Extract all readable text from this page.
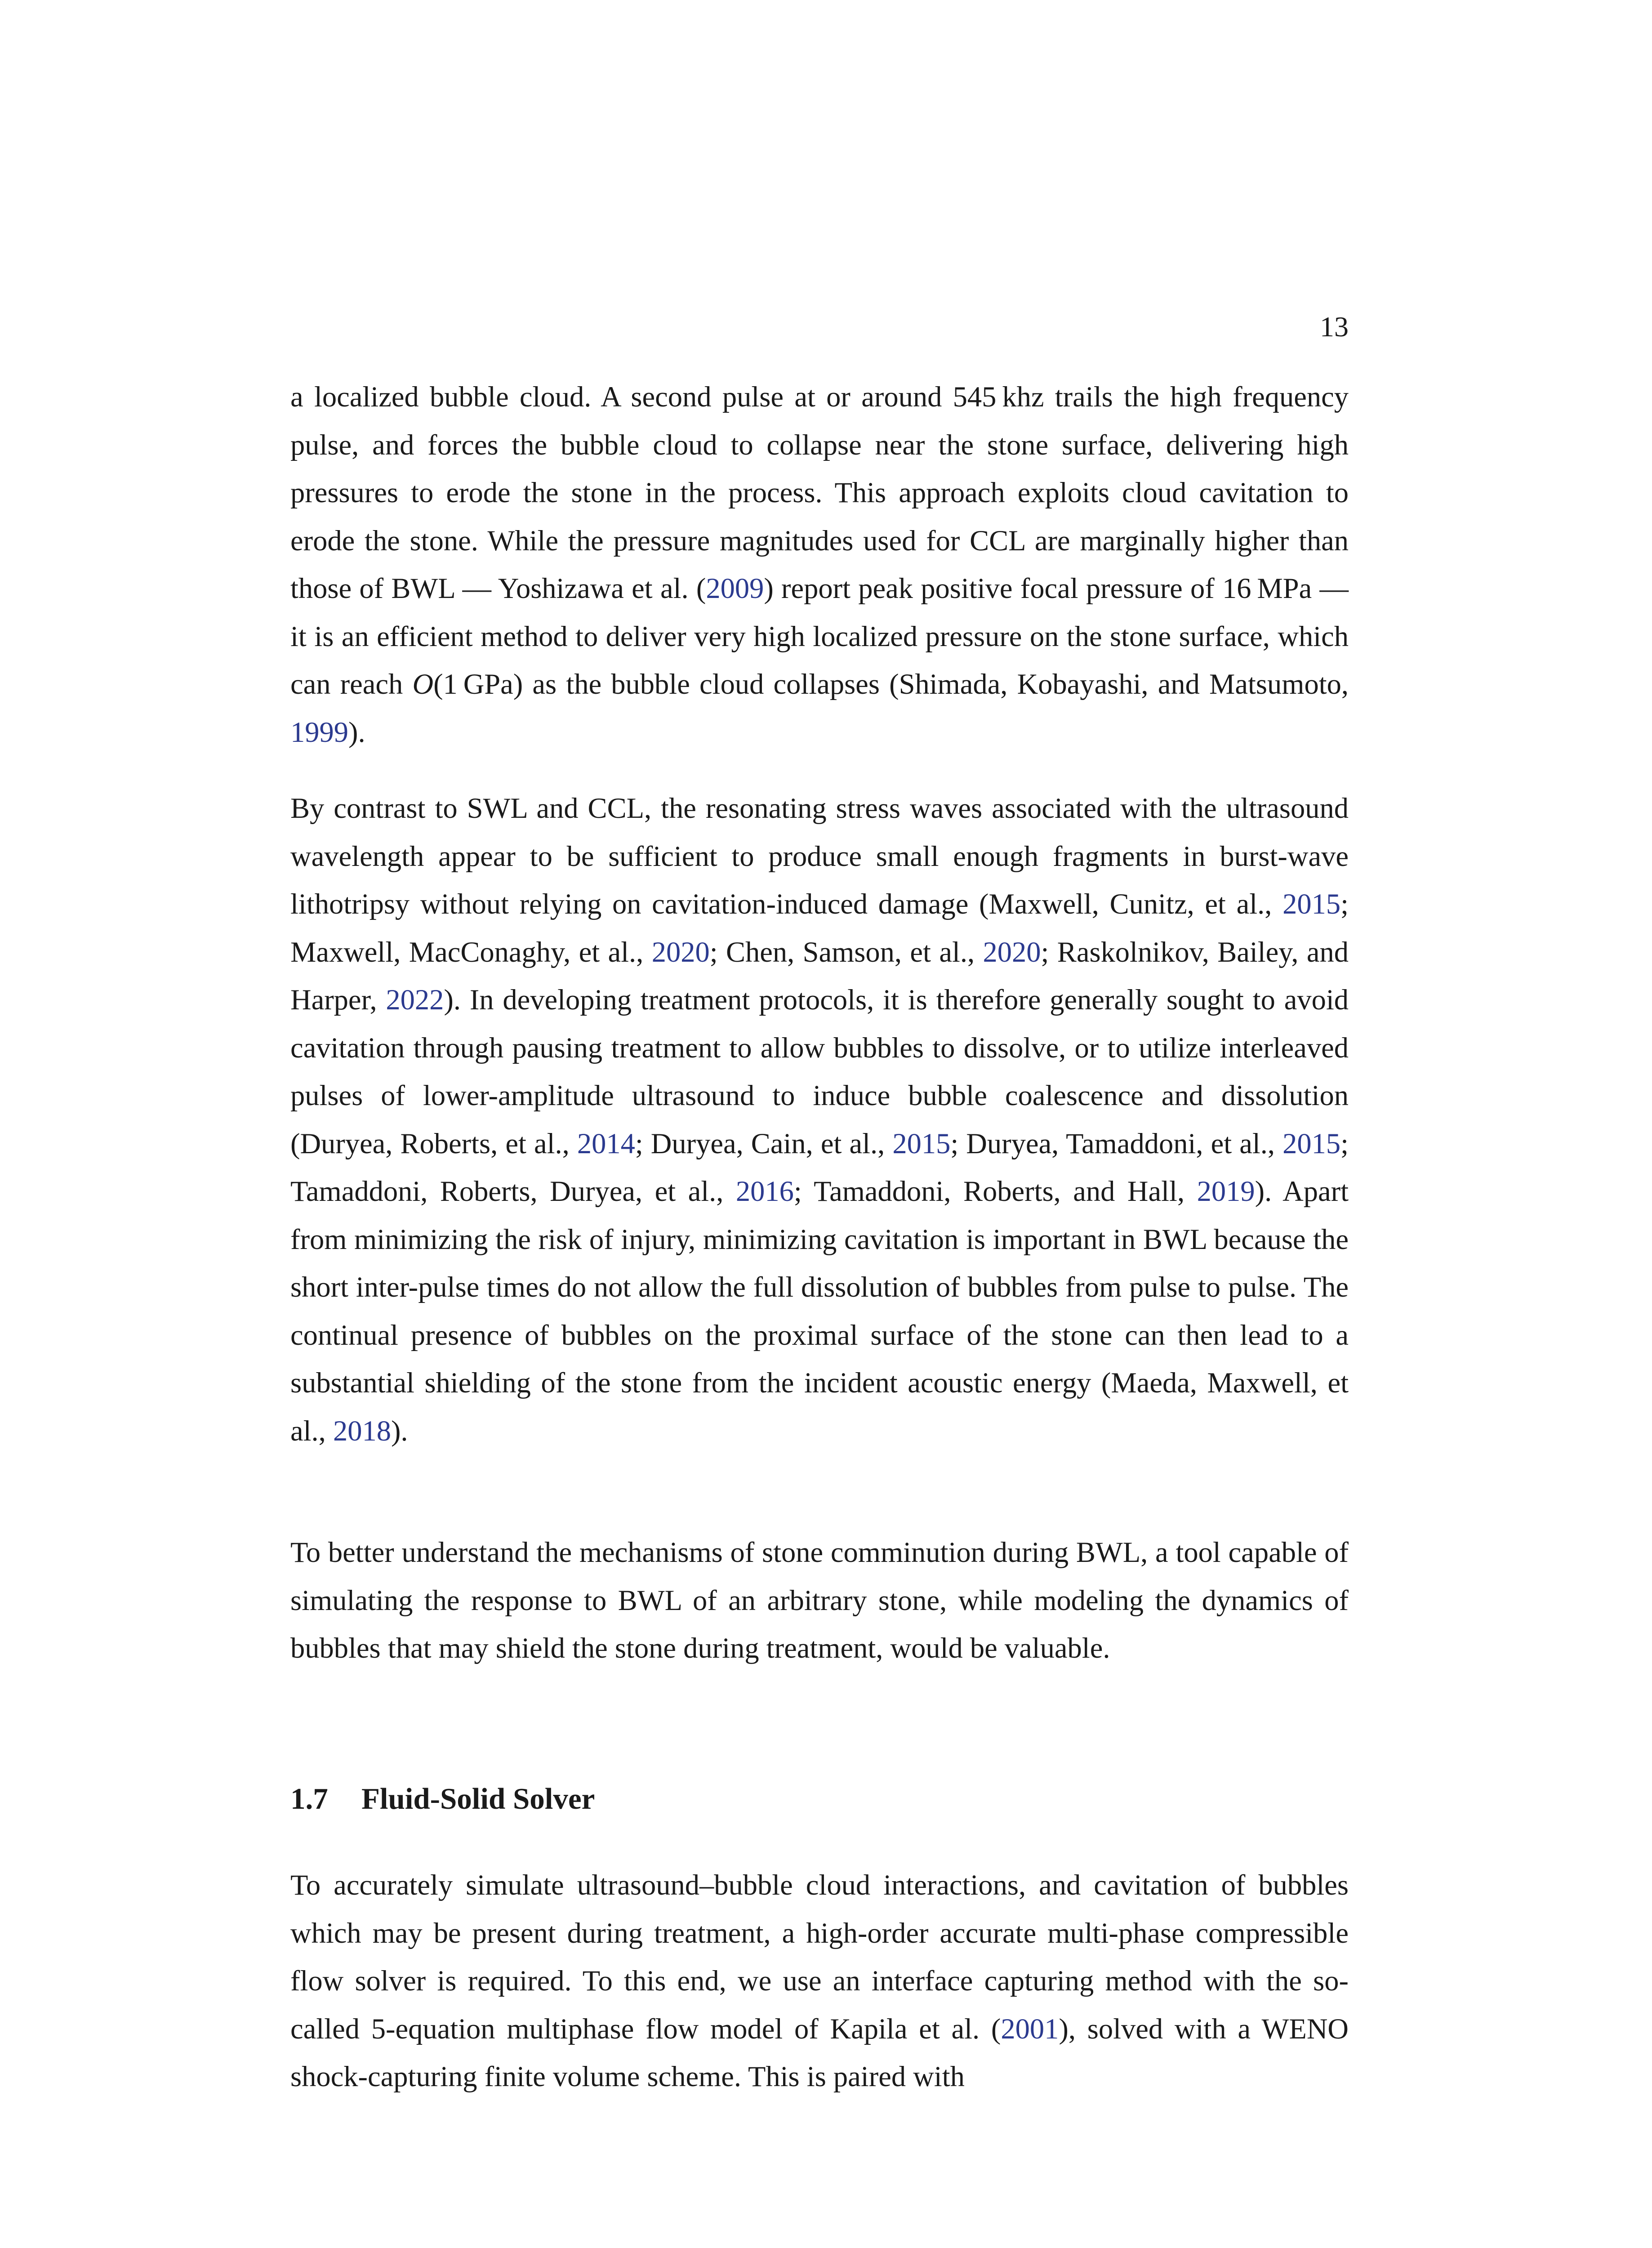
13

a localized bubble cloud. A second pulse at or around 545 khz trails the high frequency pulse, and forces the bubble cloud to collapse near the stone surface, delivering high pressures to erode the stone in the process. This approach exploits cloud cavitation to erode the stone. While the pressure magnitudes used for CCL are marginally higher than those of BWL — Yoshizawa et al. (2009) report peak positive focal pressure of 16 MPa — it is an efficient method to deliver very high localized pressure on the stone surface, which can reach O(1 GPa) as the bubble cloud collapses (Shimada, Kobayashi, and Matsumoto, 1999).

By contrast to SWL and CCL, the resonating stress waves associated with the ultrasound wavelength appear to be sufficient to produce small enough fragments in burst-wave lithotripsy without relying on cavitation-induced damage (Maxwell, Cunitz, et al., 2015; Maxwell, MacConaghy, et al., 2020; Chen, Samson, et al., 2020; Raskolnikov, Bailey, and Harper, 2022). In developing treatment protocols, it is therefore generally sought to avoid cavitation through pausing treatment to allow bubbles to dissolve, or to utilize interleaved pulses of lower-amplitude ultrasound to induce bubble coalescence and dissolution (Duryea, Roberts, et al., 2014; Duryea, Cain, et al., 2015; Duryea, Tamaddoni, et al., 2015; Tamaddoni, Roberts, Duryea, et al., 2016; Tamaddoni, Roberts, and Hall, 2019). Apart from minimizing the risk of injury, minimizing cavitation is important in BWL because the short inter-pulse times do not allow the full dissolution of bubbles from pulse to pulse. The continual presence of bubbles on the proximal surface of the stone can then lead to a substantial shielding of the stone from the incident acoustic energy (Maeda, Maxwell, et al., 2018).

To better understand the mechanisms of stone comminution during BWL, a tool capable of simulating the response to BWL of an arbitrary stone, while modeling the dynamics of bubbles that may shield the stone during treatment, would be valuable.

1.7 Fluid-Solid Solver

To accurately simulate ultrasound–bubble cloud interactions, and cavitation of bubbles which may be present during treatment, a high-order accurate multi-phase compressible flow solver is required. To this end, we use an interface capturing method with the so-called 5-equation multiphase flow model of Kapila et al. (2001), solved with a WENO shock-capturing finite volume scheme. This is paired with
